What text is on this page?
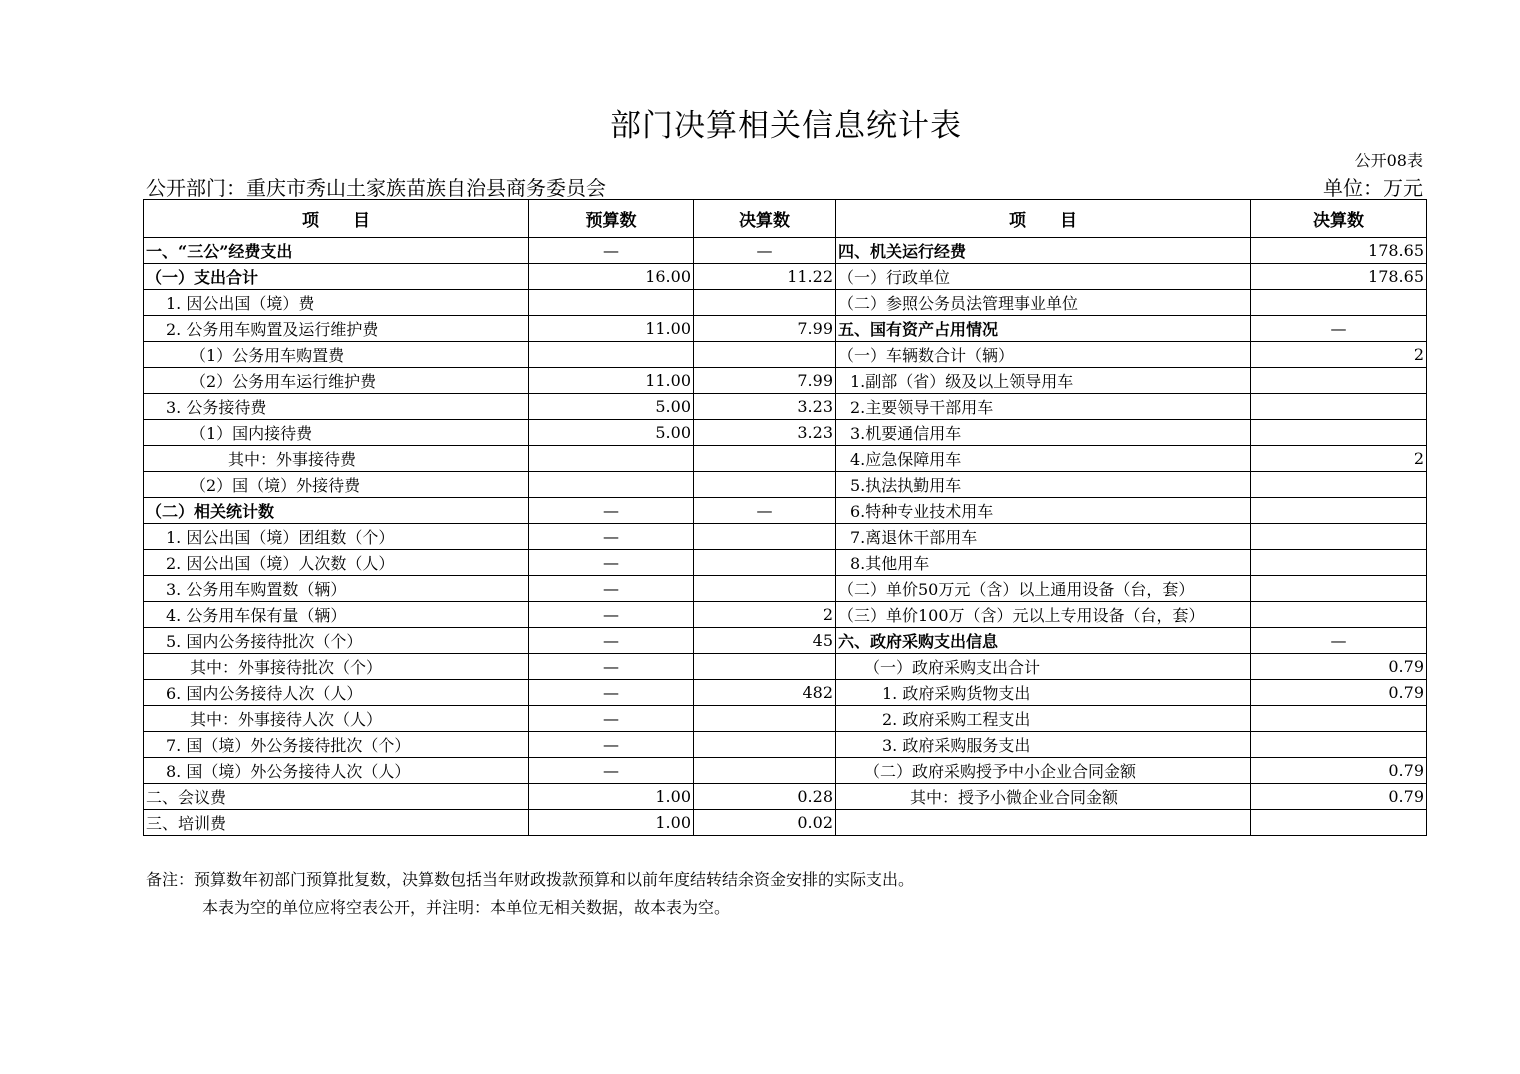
部门决算相关信息统计表
公开08表
公开部门：重庆市秀山土家族苗族自治县商务委员会	单位：万元
项　　目	预算数	决算数	项　　目	决算数
一、“三公”经费支出	—	—	四、机关运行经费	178.65
（一）支出合计	16.00	11.22	（一）行政单位	178.65
1. 因公出国（境）费			（二）参照公务员法管理事业单位	
2. 公务用车购置及运行维护费	11.00	7.99	五、国有资产占用情况	—
（1）公务用车购置费			（一）车辆数合计（辆）	2
（2）公务用车运行维护费	11.00	7.99	1.副部（省）级及以上领导用车	
3. 公务接待费	5.00	3.23	2.主要领导干部用车	
（1）国内接待费	5.00	3.23	3.机要通信用车	
其中：外事接待费			4.应急保障用车	2
（2）国（境）外接待费			5.执法执勤用车	
（二）相关统计数	—	—	6.特种专业技术用车	
1. 因公出国（境）团组数（个）	—		7.离退休干部用车	
2. 因公出国（境）人次数（人）	—		8.其他用车	
3. 公务用车购置数（辆）	—		（二）单价50万元（含）以上通用设备（台，套）	
4. 公务用车保有量（辆）	—	2	（三）单价100万（含）元以上专用设备（台，套）	
5. 国内公务接待批次（个）	—	45	六、政府采购支出信息	—
其中：外事接待批次（个）	—		（一）政府采购支出合计	0.79
6. 国内公务接待人次（人）	—	482	1. 政府采购货物支出	0.79
其中：外事接待人次（人）	—		2. 政府采购工程支出	
7. 国（境）外公务接待批次（个）	—		3. 政府采购服务支出	
8. 国（境）外公务接待人次（人）	—		（二）政府采购授予中小企业合同金额	0.79
二、会议费	1.00	0.28	其中：授予小微企业合同金额	0.79
三、培训费	1.00	0.02		
备注：预算数年初部门预算批复数，决算数包括当年财政拨款预算和以前年度结转结余资金安排的实际支出。
本表为空的单位应将空表公开，并注明：本单位无相关数据，故本表为空。
